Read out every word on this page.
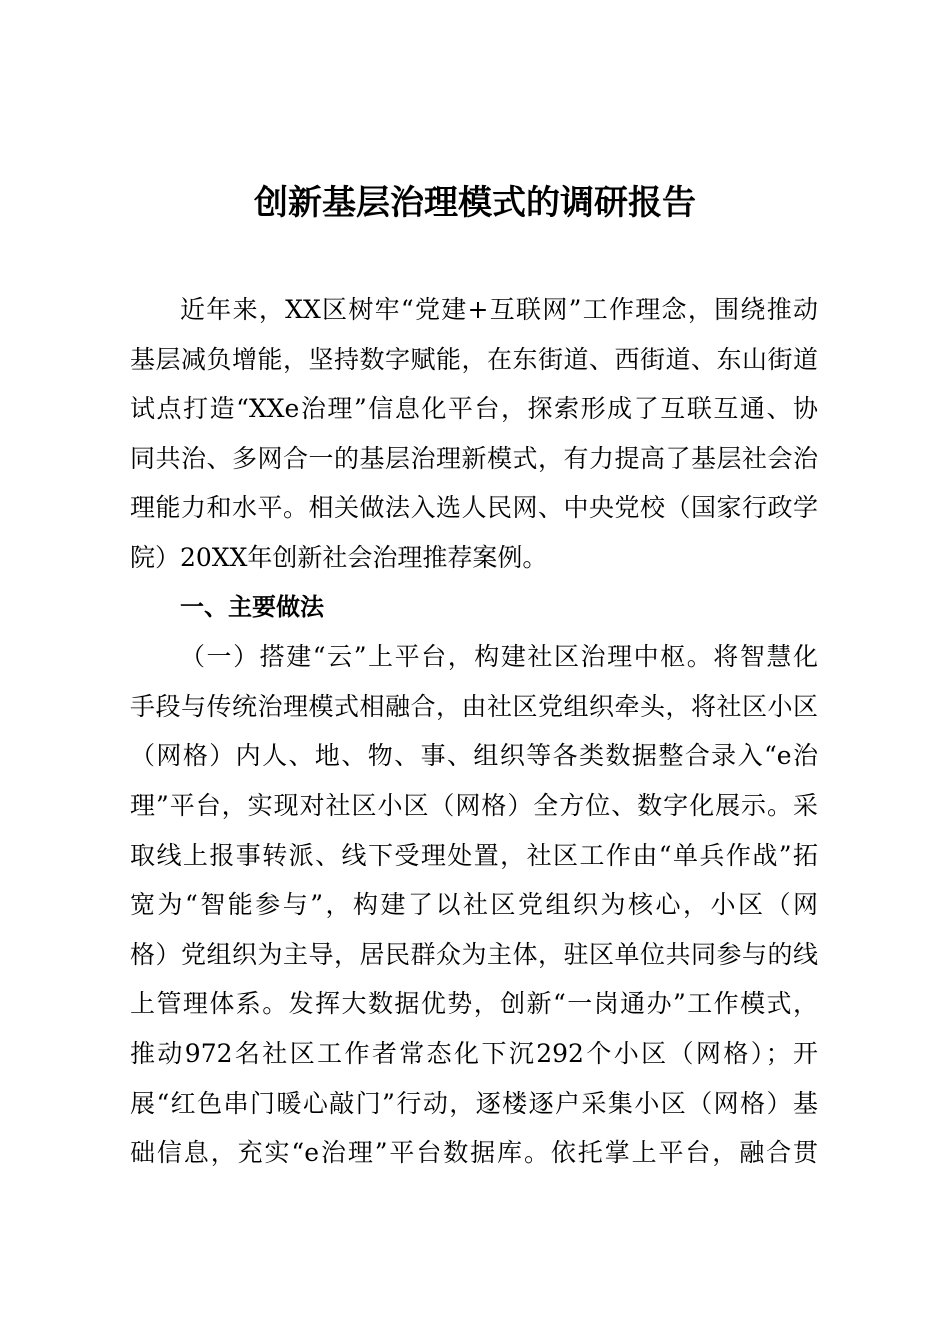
创新基层治理模式的调研报告
近年来，XX区树牢“党建+互联网”工作理念，围绕推动
基层减负增能，坚持数字赋能，在东街道、西街道、东山街道
试点打造“XXe治理”信息化平台，探索形成了互联互通、协
同共治、多网合一的基层治理新模式，有力提高了基层社会治
理能力和水平。相关做法入选人民网、中央党校（国家行政学
院）20XX年创新社会治理推荐案例。
一、主要做法
（一）搭建“云”上平台，构建社区治理中枢。将智慧化
手段与传统治理模式相融合，由社区党组织牵头，将社区小区
（网格）内人、地、物、事、组织等各类数据整合录入“e治
理”平台，实现对社区小区（网格）全方位、数字化展示。采
取线上报事转派、线下受理处置，社区工作由“单兵作战”拓
宽为“智能参与”，构建了以社区党组织为核心，小区（网
格）党组织为主导，居民群众为主体，驻区单位共同参与的线
上管理体系。发挥大数据优势，创新“一岗通办”工作模式，
推动972名社区工作者常态化下沉292个小区（网格）；开
展“红色串门暖心敲门”行动，逐楼逐户采集小区（网格）基
础信息，充实“e治理”平台数据库。依托掌上平台，融合贯
